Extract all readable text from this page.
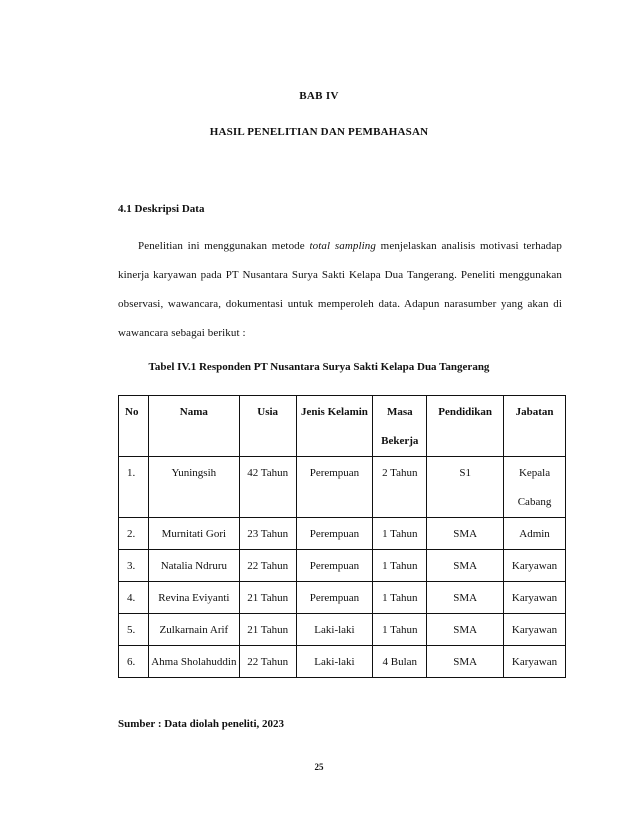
BAB IV
HASIL PENELITIAN DAN PEMBAHASAN
4.1 Deskripsi Data

Penelitian ini menggunakan metode total sampling menjelaskan analisis motivasi terhadap kinerja karyawan pada PT Nusantara Surya Sakti Kelapa Dua Tangerang. Peneliti menggunakan observasi, wawancara, dokumentasi untuk memperoleh data. Adapun narasumber yang akan di wawancara sebagai berikut :

Tabel IV.1 Responden PT Nusantara Surya Sakti Kelapa Dua Tangerang
No	Nama	Usia	Jenis Kelamin	Masa Bekerja	Pendidikan	Jabatan
1.	Yuningsih	42 Tahun	Perempuan	2 Tahun	S1	Kepala Cabang
2.	Murnitati Gori	23 Tahun	Perempuan	1 Tahun	SMA	Admin
3.	Natalia Ndruru	22 Tahun	Perempuan	1 Tahun	SMA	Karyawan
4.	Revina Eviyanti	21 Tahun	Perempuan	1 Tahun	SMA	Karyawan
5.	Zulkarnain Arif	21 Tahun	Laki-laki	1 Tahun	SMA	Karyawan
6.	Ahma Sholahuddin	22 Tahun	Laki-laki	4 Bulan	SMA	Karyawan
Sumber : Data diolah peneliti, 2023
25
